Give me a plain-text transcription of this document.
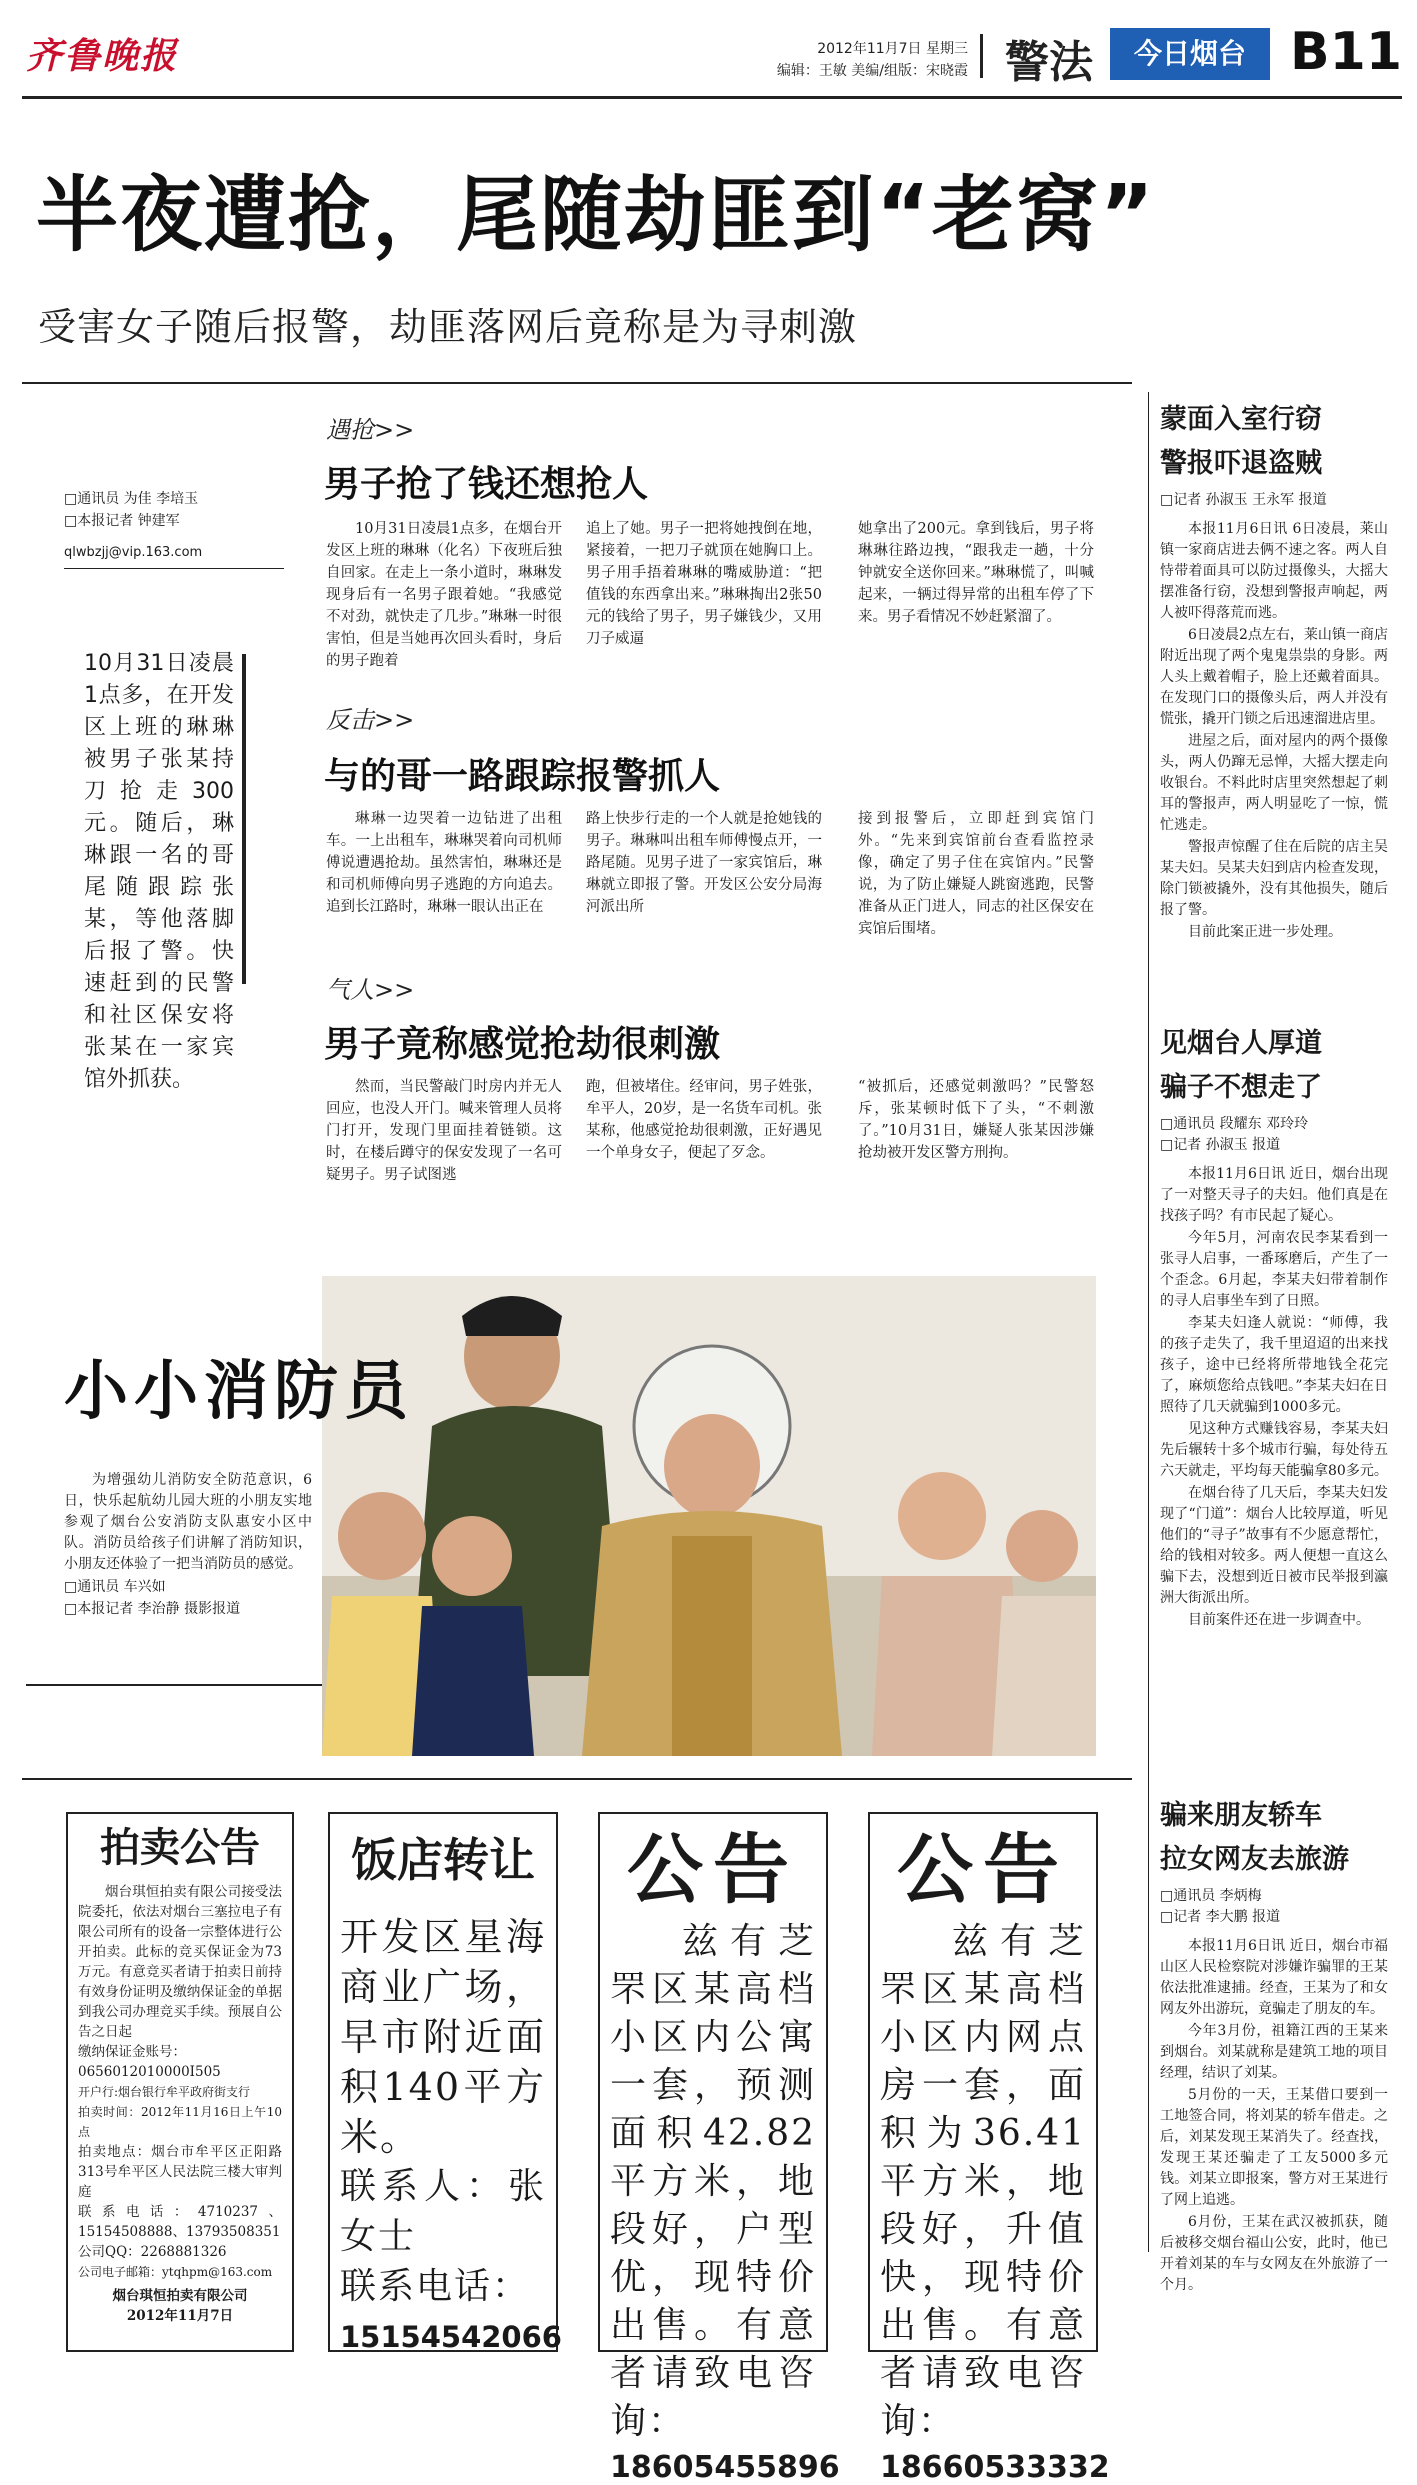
齐鲁晚报	2012年11月7日 星期三
编辑：王敏 美编/组版：宋晓霞 警法	今日烟台 B11
半夜遭抢，尾随劫匪到“老窝”
受害女子随后报警，劫匪落网后竟称是为寻刺激
□通讯员 为佳 李培玉
□本报记者 钟建军
qlwbzjj@vip.163.com
10月31日凌晨1点多，在开发区上班的琳琳被男子张某持刀抢走300元。随后，琳琳跟一名的哥尾随跟踪张某，等他落脚后报了警。快速赶到的民警和社区保安将张某在一家宾馆外抓获。
遇抢>>
男子抢了钱还想抢人

10月31日凌晨1点多，在烟台开发区上班的琳琳（化名）下夜班后独自回家。在走上一条小道时，琳琳发现身后有一名男子跟着她。“我感觉不对劲，就快走了几步。”琳琳一时很害怕，但是当她再次回头看时，身后的男子跑着

追上了她。男子一把将她拽倒在地，紧接着，一把刀子就顶在她胸口上。男子用手捂着琳琳的嘴威胁道：“把值钱的东西拿出来。”琳琳掏出2张50元的钱给了男子，男子嫌钱少，又用刀子威逼

她拿出了200元。拿到钱后，男子将琳琳往路边拽，“跟我走一趟，十分钟就安全送你回来。”琳琳慌了，叫喊起来，一辆过得异常的出租车停了下来。男子看情况不妙赶紧溜了。

反击>>
与的哥一路跟踪报警抓人

琳琳一边哭着一边钻进了出租车。一上出租车，琳琳哭着向司机师傅说遭遇抢劫。虽然害怕，琳琳还是和司机师傅向男子逃跑的方向追去。追到长江路时，琳琳一眼认出正在

路上快步行走的一个人就是抢她钱的男子。琳琳叫出租车师傅慢点开，一路尾随。见男子进了一家宾馆后，琳琳就立即报了警。开发区公安分局海河派出所

接到报警后，立即赶到宾馆门外。“先来到宾馆前台查看监控录像，确定了男子住在宾馆内。”民警说，为了防止嫌疑人跳窗逃跑，民警准备从正门进人，同志的社区保安在宾馆后围堵。

气人>>
男子竟称感觉抢劫很刺激

然而，当民警敲门时房内并无人回应，也没人开门。喊来管理人员将门打开，发现门里面挂着链锁。这时，在楼后蹲守的保安发现了一名可疑男子。男子试图逃

跑，但被堵住。经审问，男子姓张，牟平人，20岁，是一名货车司机。张某称，他感觉抢劫很刺激，正好遇见一个单身女子，便起了歹念。

“被抓后，还感觉刺激吗？”民警怒斥，张某顿时低下了头，“不刺激了。”10月31日，嫌疑人张某因涉嫌抢劫被开发区警方刑拘。

蒙面入室行窃
警报吓退盗贼
□记者 孙淑玉 王永军 报道

本报11月6日讯 6日凌晨，莱山镇一家商店进去俩不速之客。两人自恃带着面具可以防过摄像头，大摇大摆准备行窃，没想到警报声响起，两人被吓得落荒而逃。

6日凌晨2点左右，莱山镇一商店附近出现了两个鬼鬼祟祟的身影。两人头上戴着帽子，脸上还戴着面具。在发现门口的摄像头后，两人并没有慌张，撬开门锁之后迅速溜进店里。

进屋之后，面对屋内的两个摄像头，两人仍蹿无忌惮，大摇大摆走向收银台。不料此时店里突然想起了刺耳的警报声，两人明显吃了一惊，慌忙逃走。

警报声惊醒了住在后院的店主吴某夫妇。吴某夫妇到店内检查发现，除门锁被撬外，没有其他损失，随后报了警。

目前此案正进一步处理。

见烟台人厚道
骗子不想走了
□通讯员 段耀东 邓玲玲
□记者 孙淑玉 报道

本报11月6日讯 近日，烟台出现了一对整天寻子的夫妇。他们真是在找孩子吗？有市民起了疑心。

今年5月，河南农民李某看到一张寻人启事，一番琢磨后，产生了一个歪念。6月起，李某夫妇带着制作的寻人启事坐车到了日照。

李某夫妇逢人就说：“师傅，我的孩子走失了，我千里迢迢的出来找孩子，途中已经将所带地钱全花完了，麻烦您给点钱吧。”李某夫妇在日照待了几天就骗到1000多元。

见这种方式赚钱容易，李某夫妇先后辗转十多个城市行骗，每处待五六天就走，平均每天能骗拿80多元。

在烟台待了几天后，李某夫妇发现了“门道”：烟台人比较厚道，听见他们的“寻子”故事有不少愿意帮忙，给的钱相对较多。两人便想一直这么骗下去，没想到近日被市民举报到瀛洲大街派出所。

目前案件还在进一步调查中。

骗来朋友轿车
拉女网友去旅游
□通讯员 李炳梅
□记者 李大鹏 报道

本报11月6日讯 近日，烟台市福山区人民检察院对涉嫌诈骗罪的王某依法批准逮捕。经查，王某为了和女网友外出游玩，竟骗走了朋友的车。

今年3月份，祖籍江西的王某来到烟台。刘某就称是建筑工地的项目经理，结识了刘某。

5月份的一天，王某借口要到一工地签合同，将刘某的轿车借走。之后，刘某发现王某消失了。经查找，发现王某还骗走了工友5000多元钱。刘某立即报案，警方对王某进行了网上追逃。

6月份，王某在武汉被抓获，随后被移交烟台福山公安，此时，他已开着刘某的车与女网友在外旅游了一个月。

小小消防员

为增强幼儿消防安全防范意识，6日，快乐起航幼儿园大班的小朋友实地参观了烟台公安消防支队惠安小区中队。消防员给孩子们讲解了消防知识，小朋友还体验了一把当消防员的感觉。

□通讯员 车兴如
□本报记者 李治静 摄影报道
拍卖公告
烟台琪恒拍卖有限公司接受法院委托，依法对烟台三塞拉电子有限公司所有的设备一宗整体进行公开拍卖。此标的竞买保证金为73万元。有意竞买者请于拍卖日前持有效身份证明及缴纳保证金的单据到我公司办理竞买手续。预展自公告之日起
缴纳保证金账号：
0656012010000I505
开户行:烟台银行牟平政府街支行
拍卖时间：2012年11月16日上午10点
拍卖地点：烟台市牟平区正阳路313号牟平区人民法院三楼大审判庭
联系电话：4710237、15154508888、13793508351
公司QQ：2268881326
公司电子邮箱：ytqhpm@163.com
烟台琪恒拍卖有限公司
2012年11月7日
饭店转让
开发区星海商业广场，早市附近面积140平方米。
联系人：张女士
联系电话：
15154542066
公告
兹有芝罘区某高档小区内公寓一套，预测面积42.82平方米，地段好，户型优，现特价出售。有意者请致电咨询：
18605455896
公告
兹有芝罘区某高档小区内网点房一套，面积为36.41平方米，地段好，升值快，现特价出售。有意者请致电咨询：
18660533332
